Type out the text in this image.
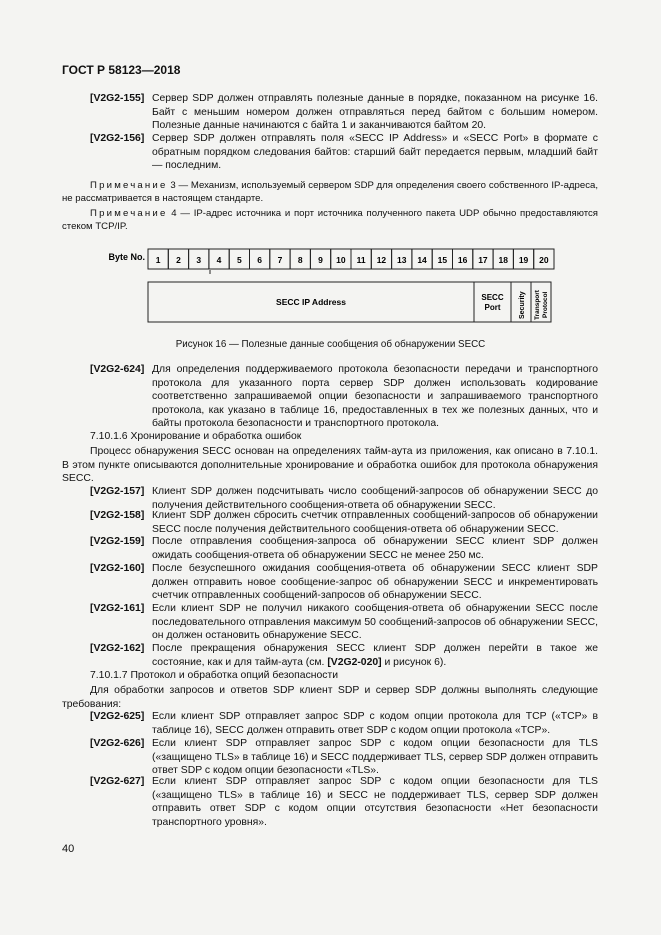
ГОСТ Р 58123—2018
[V2G2-155] Сервер SDP должен отправлять полезные данные в порядке, показанном на рисунке 16. Байт с меньшим номером должен отправляться перед байтом с большим номером. Полезные данные начинаются с байта 1 и заканчиваются байтом 20.
[V2G2-156] Сервер SDP должен отправлять поля «SECC IP Address» и «SECC Port» в формате с обратным порядком следования байтов: старший байт передается первым, младший байт — последним.
Примечание 3 — Механизм, используемый сервером SDP для определения своего собственного IP-адреса, не рассматривается в настоящем стандарте.
Примечание 4 — IP-адрес источника и порт источника полученного пакета UDP обычно предоставляются стеком TCP/IP.
Byte No. 1 2 3 4 5 6 7 8 9 10 11 12 13 14 15 16 17 18 19 20
SECC IP Address	SECC
Port	Security Transport Protocol
Рисунок 16 — Полезные данные сообщения об обнаружении SECC
[V2G2-624] Для определения поддерживаемого протокола безопасности передачи и транспортного протокола для указанного порта сервер SDP должен использовать кодирование соответственно запрашиваемой опции безопасности и запрашиваемого транспортного протокола, как указано в таблице 16, предоставленных в тех же полезных данных, что и байты протокола безопасности и транспортного протокола.
7.10.1.6 Хронирование и обработка ошибок
Процесс обнаружения SECC основан на определениях тайм-аута из приложения, как описано в 7.10.1. В этом пункте описываются дополнительные хронирование и обработка ошибок для протокола обнаружения SECC.
[V2G2-157] Клиент SDP должен подсчитывать число сообщений-запросов об обнаружении SECC до получения действительного сообщения-ответа об обнаружении SECC.
[V2G2-158] Клиент SDP должен сбросить счетчик отправленных сообщений-запросов об обнаружении SECC после получения действительного сообщения-ответа об обнаружении SECC.
[V2G2-159] После отправления сообщения-запроса об обнаружении SECC клиент SDP должен ожидать сообщения-ответа об обнаружении SECC не менее 250 мс.
[V2G2-160] После безуспешного ожидания сообщения-ответа об обнаружении SECC клиент SDP должен отправить новое сообщение-запрос об обнаружении SECC и инкрементировать счетчик отправленных сообщений-запросов об обнаружении SECC.
[V2G2-161] Если клиент SDP не получил никакого сообщения-ответа об обнаружении SECC после последовательного отправления максимум 50 сообщений-запросов об обнаружении SECC, он должен остановить обнаружение SECC.
[V2G2-162] После прекращения обнаружения SECC клиент SDP должен перейти в такое же состояние, как и для тайм-аута (см. [V2G2-020] и рисунок 6).
7.10.1.7 Протокол и обработка опций безопасности
Для обработки запросов и ответов SDP клиент SDP и сервер SDP должны выполнять следующие требования:
[V2G2-625] Если клиент SDP отправляет запрос SDP с кодом опции протокола для TCP («TCP» в таблице 16), SECC должен отправить ответ SDP с кодом опции протокола «TCP».
[V2G2-626] Если клиент SDP отправляет запрос SDP с кодом опции безопасности для TLS («защищено TLS» в таблице 16) и SECC поддерживает TLS, сервер SDP должен отправить ответ SDP с кодом опции безопасности «TLS».
[V2G2-627] Если клиент SDP отправляет запрос SDP с кодом опции безопасности для TLS («защищено TLS» в таблице 16) и SECC не поддерживает TLS, сервер SDP должен отправить ответ SDP с кодом опции отсутствия безопасности «Нет безопасности транспортного уровня».
40
